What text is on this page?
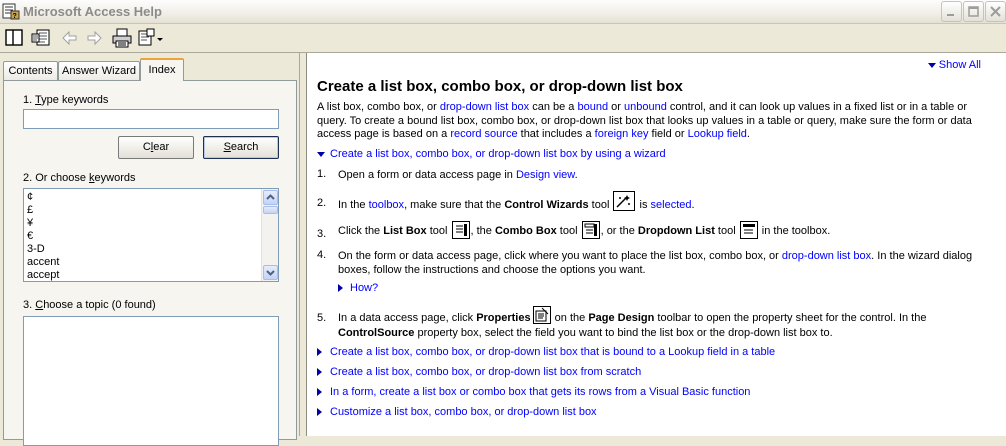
? Microsoft Access Help
Contents Answer Wizard	Index
1. Type keywords
Clear	Search
2. Or choose keywords
¢
£
¥
€
3-D
accent
accept
3. Choose a topic (0 found)
Show All
Create a list box, combo box, or drop-down list box
A list box, combo box, or drop-down list box can be a bound or unbound control, and it can look up values in a fixed list or in a table or query. To create a bound list box, combo box, or drop-down list box that looks up values in a table or query, make sure the form or data access page is based on a record source that includes a foreign key field or Lookup field.
Create a list box, combo box, or drop-down list box by using a wizard
1. Open a form or data access page in Design view.
2. In the toolbox, make sure that the Control Wizards tool  is selected.
3. Click the List Box tool , the Combo Box tool , or the Dropdown List tool  in the toolbox.
4. On the form or data access page, click where you want to place the list box, combo box, or drop-down list box. In the wizard dialog boxes, follow the instructions and choose the options you want.
How?
5. In a data access page, click Properties on the Page Design toolbar to open the property sheet for the control. In the
ControlSource property box, select the field you want to bind the list box or the drop-down list box to.
Create a list box, combo box, or drop-down list box that is bound to a Lookup field in a table
Create a list box, combo box, or drop-down list box from scratch
In a form, create a list box or combo box that gets its rows from a Visual Basic function
Customize a list box, combo box, or drop-down list box
